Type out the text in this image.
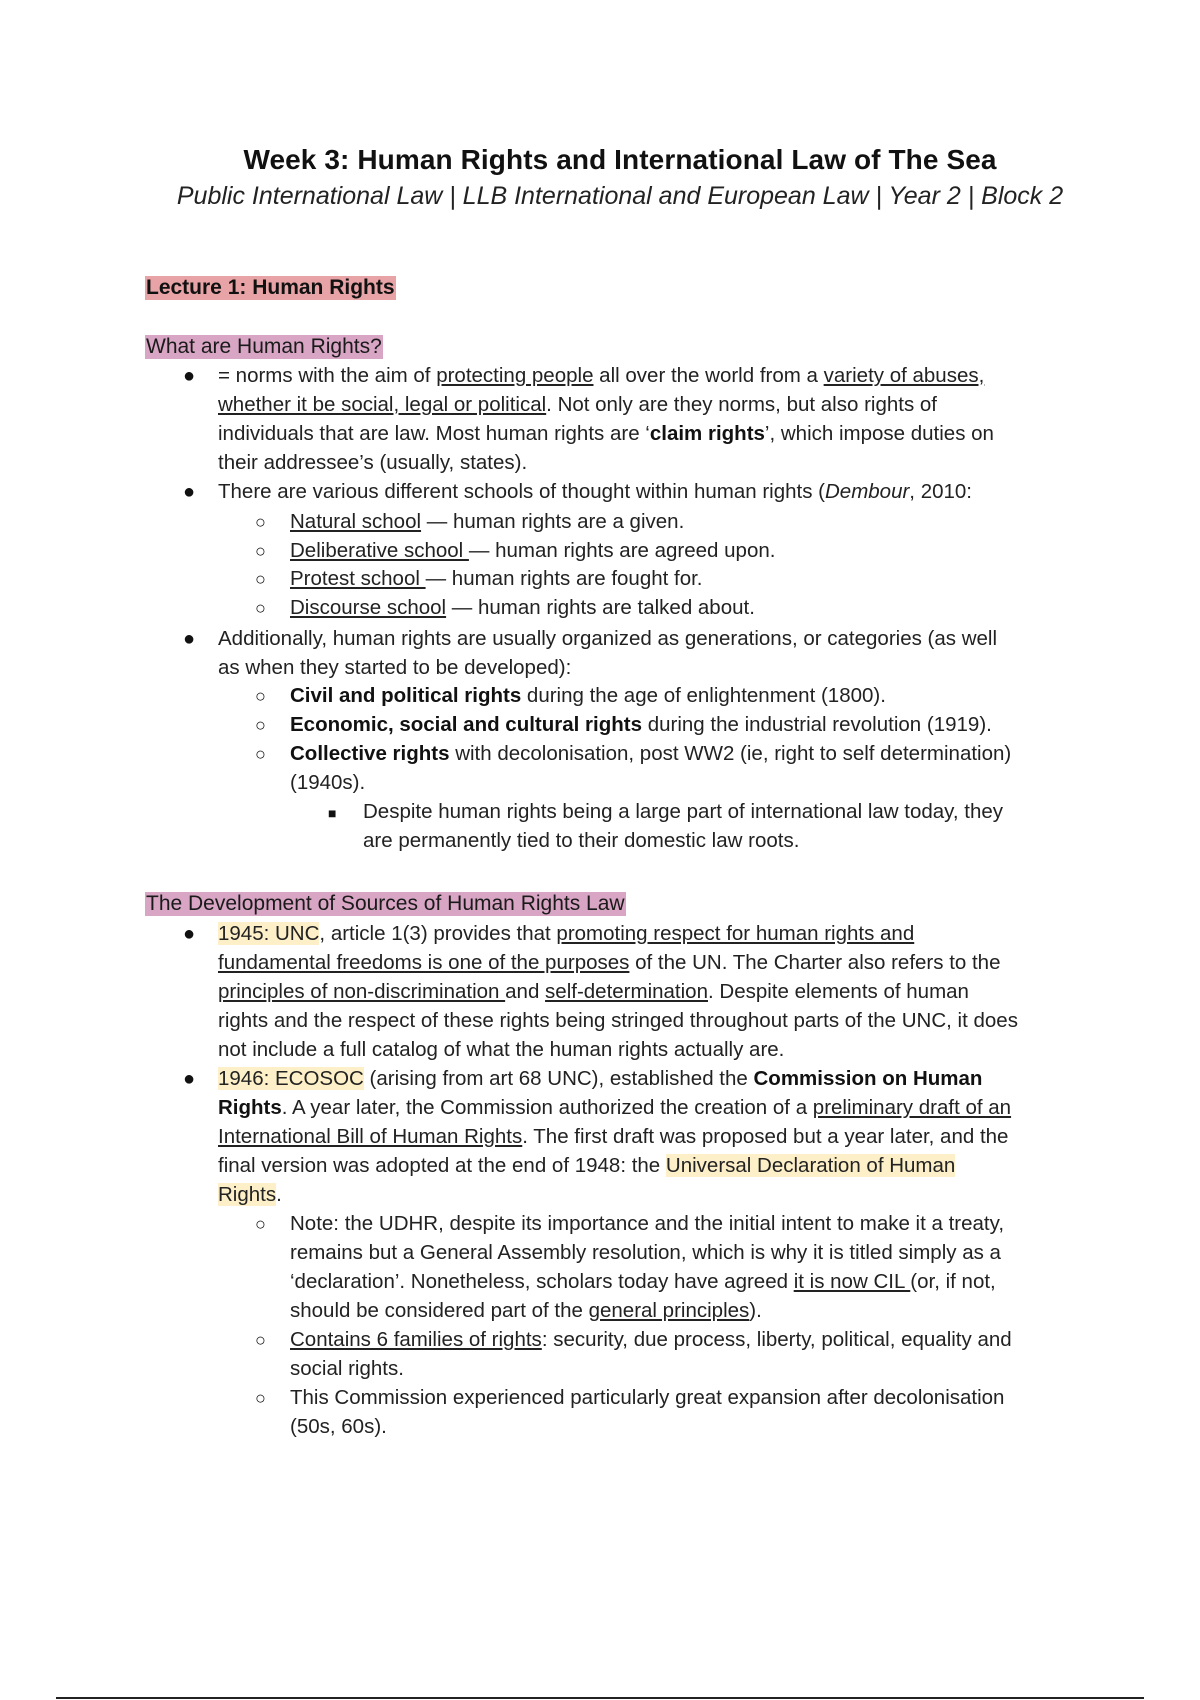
Week 3: Human Rights and International Law of The Sea
Public International Law | LLB International and European Law | Year 2 | Block 2
Lecture 1: Human Rights
What are Human Rights?
● = norms with the aim of protecting people all over the world from a variety of abuses,
whether it be social, legal or political. Not only are they norms, but also rights of
individuals that are law. Most human rights are ‘claim rights’, which impose duties on
their addressee’s (usually, states).
● There are various different schools of thought within human rights (Dembour, 2010:
○ Natural school — human rights are a given.
○ Deliberative school — human rights are agreed upon.
○ Protest school — human rights are fought for.
○ Discourse school — human rights are talked about.
● Additionally, human rights are usually organized as generations, or categories (as well
as when they started to be developed):
○ Civil and political rights during the age of enlightenment (1800).
○ Economic, social and cultural rights during the industrial revolution (1919).
○ Collective rights with decolonisation, post WW2 (ie, right to self determination)
(1940s).
■ Despite human rights being a large part of international law today, they
are permanently tied to their domestic law roots.
The Development of Sources of Human Rights Law
● 1945: UNC, article 1(3) provides that promoting respect for human rights and
fundamental freedoms is one of the purposes of the UN. The Charter also refers to the
principles of non-discrimination and self-determination. Despite elements of human
rights and the respect of these rights being stringed throughout parts of the UNC, it does
not include a full catalog of what the human rights actually are.
● 1946: ECOSOC (arising from art 68 UNC), established the Commission on Human
Rights. A year later, the Commission authorized the creation of a preliminary draft of an
International Bill of Human Rights. The first draft was proposed but a year later, and the
final version was adopted at the end of 1948: the Universal Declaration of Human
Rights.
○ Note: the UDHR, despite its importance and the initial intent to make it a treaty,
remains but a General Assembly resolution, which is why it is titled simply as a
‘declaration’. Nonetheless, scholars today have agreed it is now CIL (or, if not,
should be considered part of the general principles).
○ Contains 6 families of rights: security, due process, liberty, political, equality and
social rights.
○ This Commission experienced particularly great expansion after decolonisation
(50s, 60s).
